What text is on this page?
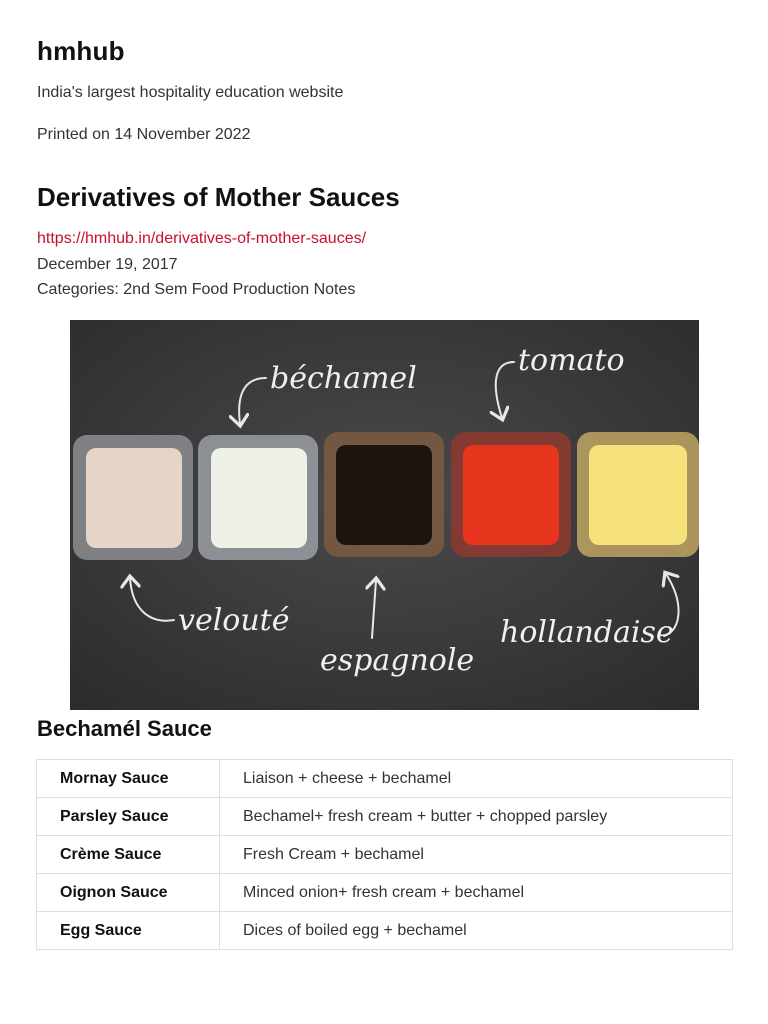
hmhub

India's largest hospitality education website

Printed on 14 November 2022

Derivatives of Mother Sauces
https://hmhub.in/derivatives-of-mother-sauces/

December 19, 2017

Categories: 2nd Sem Food Production Notes

béchamel
tomato
velouté
espagnole
hollandaise
Bechamél Sauce
Mornay Sauce	Liaison + cheese + bechamel
Parsley Sauce	Bechamel+ fresh cream + butter + chopped parsley
Crème Sauce	Fresh Cream + bechamel
Oignon Sauce	Minced onion+ fresh cream + bechamel
Egg Sauce	Dices of boiled egg + bechamel
